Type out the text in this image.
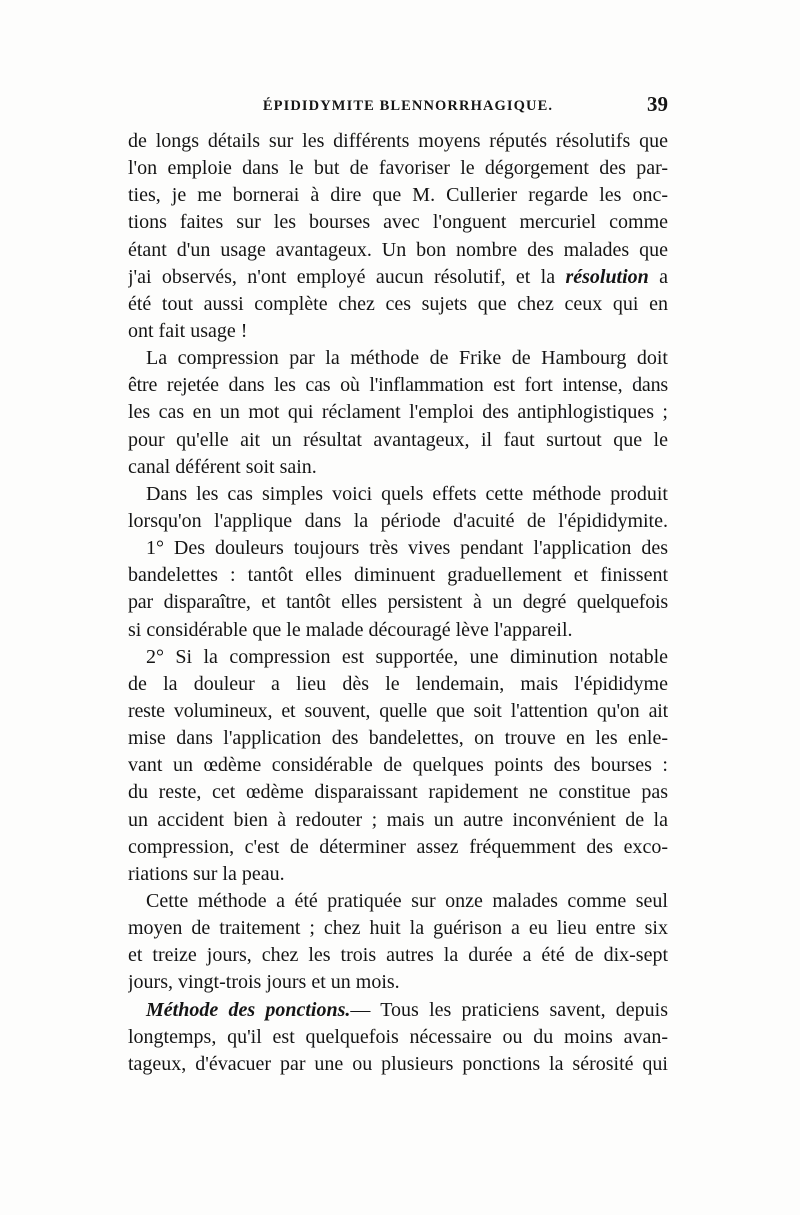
ÉPIDIDYMITE BLENNORRHAGIQUE.	39
de longs détails sur les différents moyens réputés résolutifs que
l'on emploie dans le but de favoriser le dégorgement des par-
ties, je me bornerai à dire que M. Cullerier regarde les onc-
tions faites sur les bourses avec l'onguent mercuriel comme
étant d'un usage avantageux. Un bon nombre des malades que
j'ai observés, n'ont employé aucun résolutif, et la résolution a
été tout aussi complète chez ces sujets que chez ceux qui en
ont fait usage !
La compression par la méthode de Frike de Hambourg doit
être rejetée dans les cas où l'inflammation est fort intense, dans
les cas en un mot qui réclament l'emploi des antiphlogistiques ;
pour qu'elle ait un résultat avantageux, il faut surtout que le
canal déférent soit sain.
Dans les cas simples voici quels effets cette méthode produit
lorsqu'on l'applique dans la période d'acuité de l'épididymite.
1° Des douleurs toujours très vives pendant l'application des
bandelettes : tantôt elles diminuent graduellement et finissent
par disparaître, et tantôt elles persistent à un degré quelquefois
si considérable que le malade découragé lève l'appareil.
2° Si la compression est supportée, une diminution notable
de la douleur a lieu dès le lendemain, mais l'épididyme
reste volumineux, et souvent, quelle que soit l'attention qu'on ait
mise dans l'application des bandelettes, on trouve en les enle-
vant un œdème considérable de quelques points des bourses :
du reste, cet œdème disparaissant rapidement ne constitue pas
un accident bien à redouter ; mais un autre inconvénient de la
compression, c'est de déterminer assez fréquemment des exco-
riations sur la peau.
Cette méthode a été pratiquée sur onze malades comme seul
moyen de traitement ; chez huit la guérison a eu lieu entre six
et treize jours, chez les trois autres la durée a été de dix-sept
jours, vingt-trois jours et un mois.
Méthode des ponctions.— Tous les praticiens savent, depuis
longtemps, qu'il est quelquefois nécessaire ou du moins avan-
tageux, d'évacuer par une ou plusieurs ponctions la sérosité qui
